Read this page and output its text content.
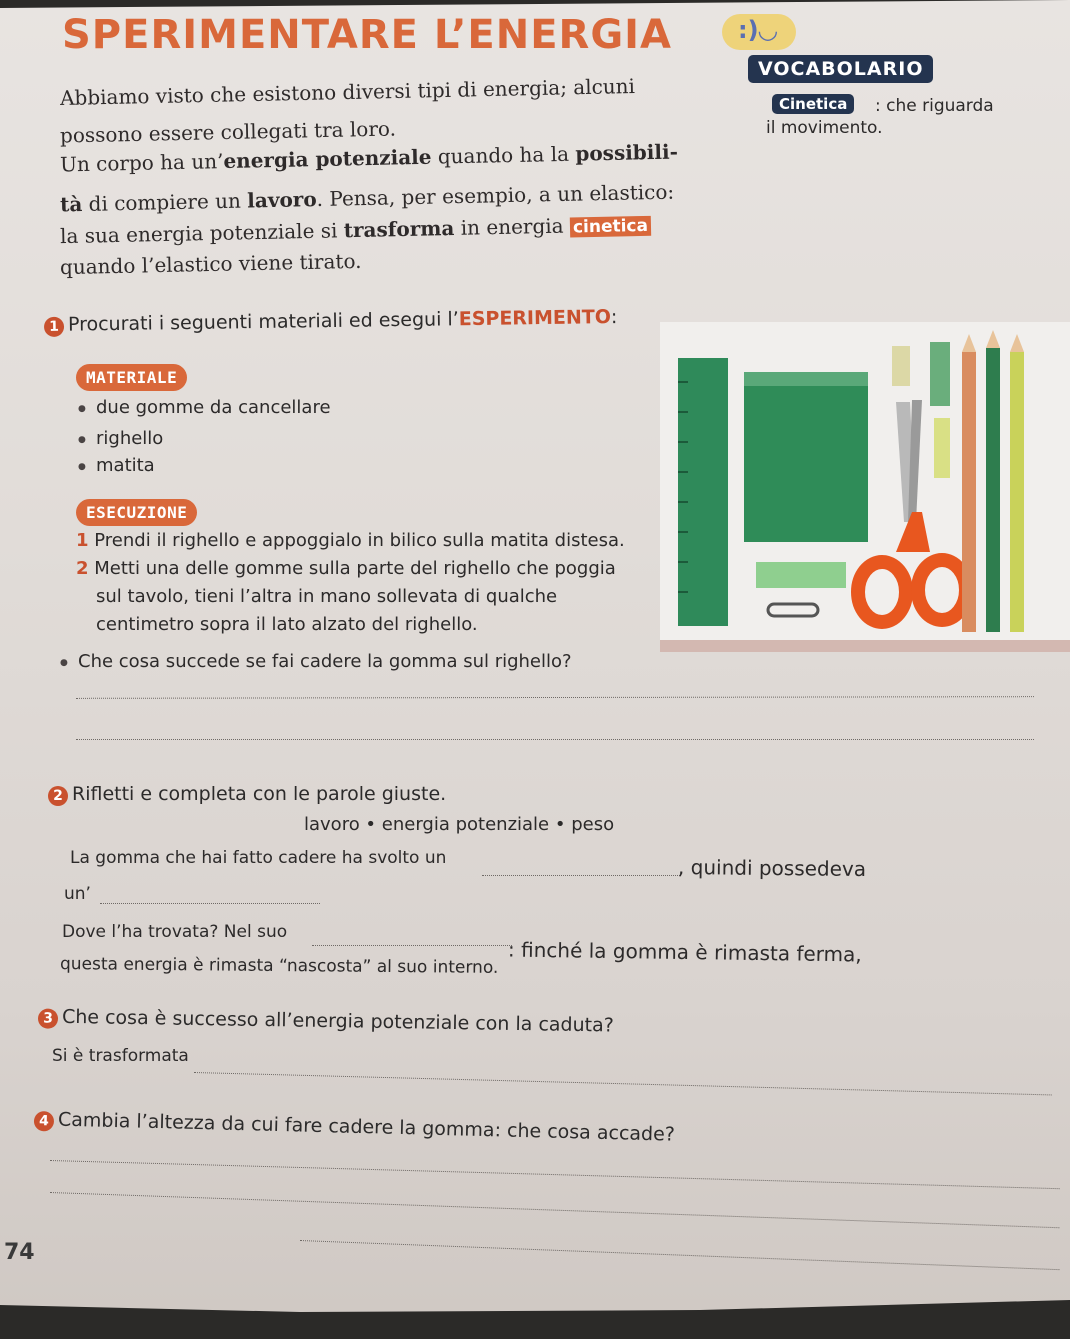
SPERIMENTARE L’ENERGIA	:)◡
VOCABOLARIO
Cinetica	: che riguarda
il movimento.
Abbiamo visto che esistono diversi tipi di energia; alcuni
possono essere collegati tra loro.
Un corpo ha un’energia potenziale quando ha la possibili-
tà di compiere un lavoro. Pensa, per esempio, a un elastico:
la sua energia potenziale si trasforma in energia cinetica
quando l’elastico viene tirato.
1 Procurati i seguenti materiali ed esegui l’ESPERIMENTO:
MATERIALE
● due gomme da cancellare
● righello
● matita
ESECUZIONE
1 Prendi il righello e appoggialo in bilico sulla matita distesa.
2 Metti una delle gomme sulla parte del righello che poggia
sul tavolo, tieni l’altra in mano sollevata di qualche
centimetro sopra il lato alzato del righello.
● Che cosa succede se fai cadere la gomma sul righello?
2 Rifletti e completa con le parole giuste.
lavoro • energia potenziale • peso
La gomma che hai fatto cadere ha svolto un	, quindi possedeva
un’
Dove l’ha trovata? Nel suo
: finché la gomma è rimasta ferma,
questa energia è rimasta “nascosta” al suo interno.
3 Che cosa è successo all’energia potenziale con la caduta?
Si è trasformata
4 Cambia l’altezza da cui fare cadere la gomma: che cosa accade?
74
